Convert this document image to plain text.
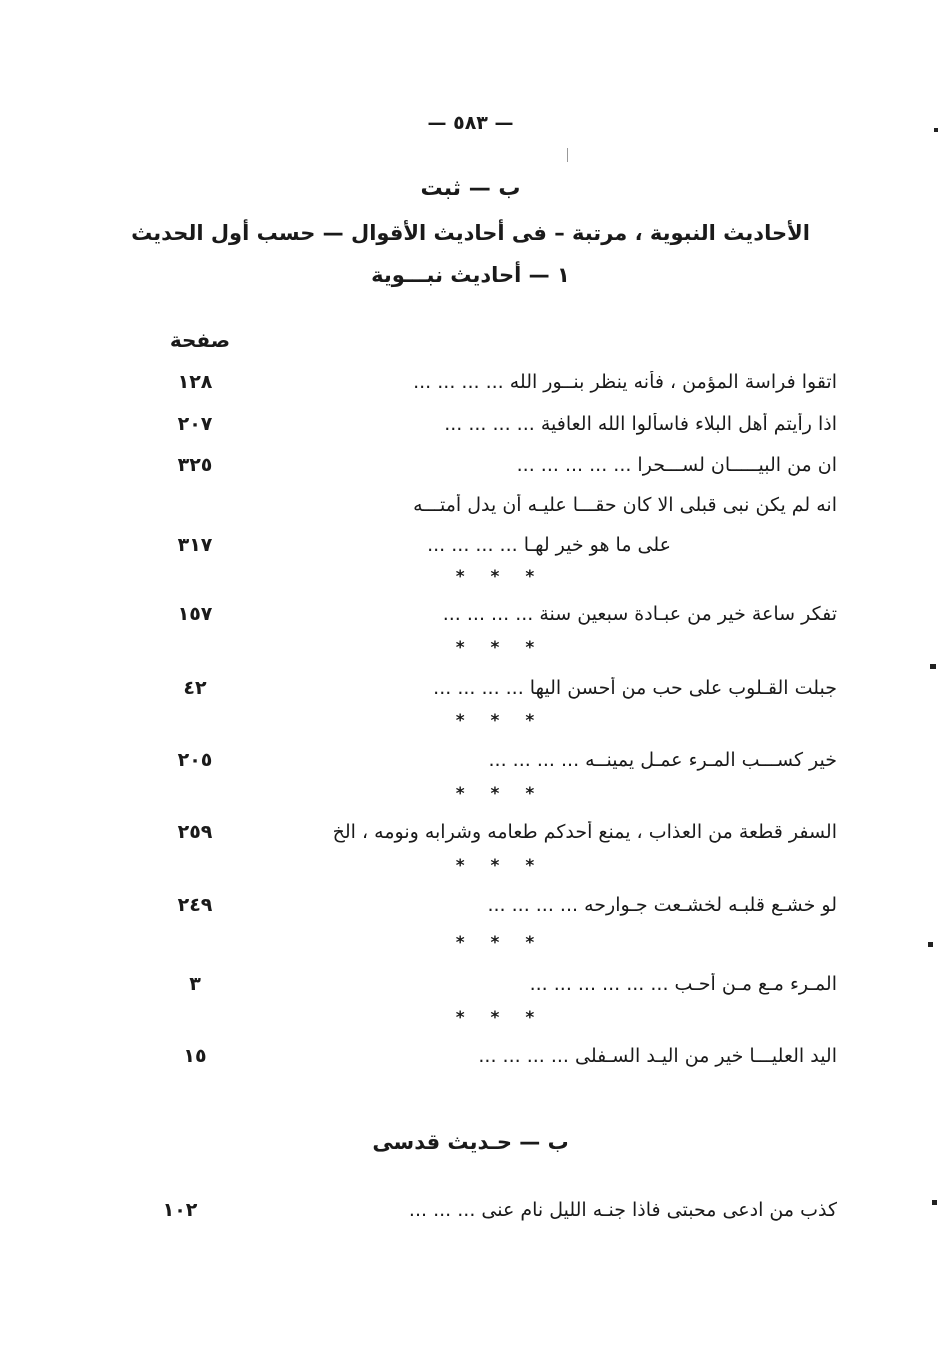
— ٥٨٣ —
ب — ثبت
الأحاديث النبوية ، مرتبة – فى أحاديث الأقوال — حسب أول الحديث
١ — أحاديث نبـــوية
صفحة
اتقوا فراسة المؤمن ، فأنه ينظر بنــور الله ... ... ... ...
١٢٨
اذا رأيتم أهل البلاء فاسألوا الله العافية ... ... ... ...
٢٠٧
ان من البيـــــان لســـحرا ... ... ... ... ...
٣٢٥
انه لم يكن نبى قبلى الا كان حقـــا عليـه أن يدل أمتـــه
على ما هو خير لهـا ... ... ... ...
٣١٧
* * *
تفكر ساعة خير من عبـادة سبعين سنة ... ... ... ...
١٥٧
* * *
جبلت القـلوب على حب من أحسن اليها ... ... ... ...
٤٢
* * *
خير كســـب المـرء عمـل يمينــه ... ... ... ...
٢٠٥
* * *
السفر قطعة من العذاب ، يمنع أحدكم طعامه وشرابه ونومه ، الخ
٢٥٩
* * *
لو خشـع قلبـه لخشـعت جـوارحه ... ... ... ...
٢٤٩
* * *
المـرء مـع مـن أحـب ... ... ... ... ... ...
٣
* * *
اليد العليـــا خير من اليـد السـفلى ... ... ... ...
١٥
ب — حـديث قدسى
كذب من ادعى محبتى فاذا جنـه الليل نام عنى ... ... ...
١٠٢
